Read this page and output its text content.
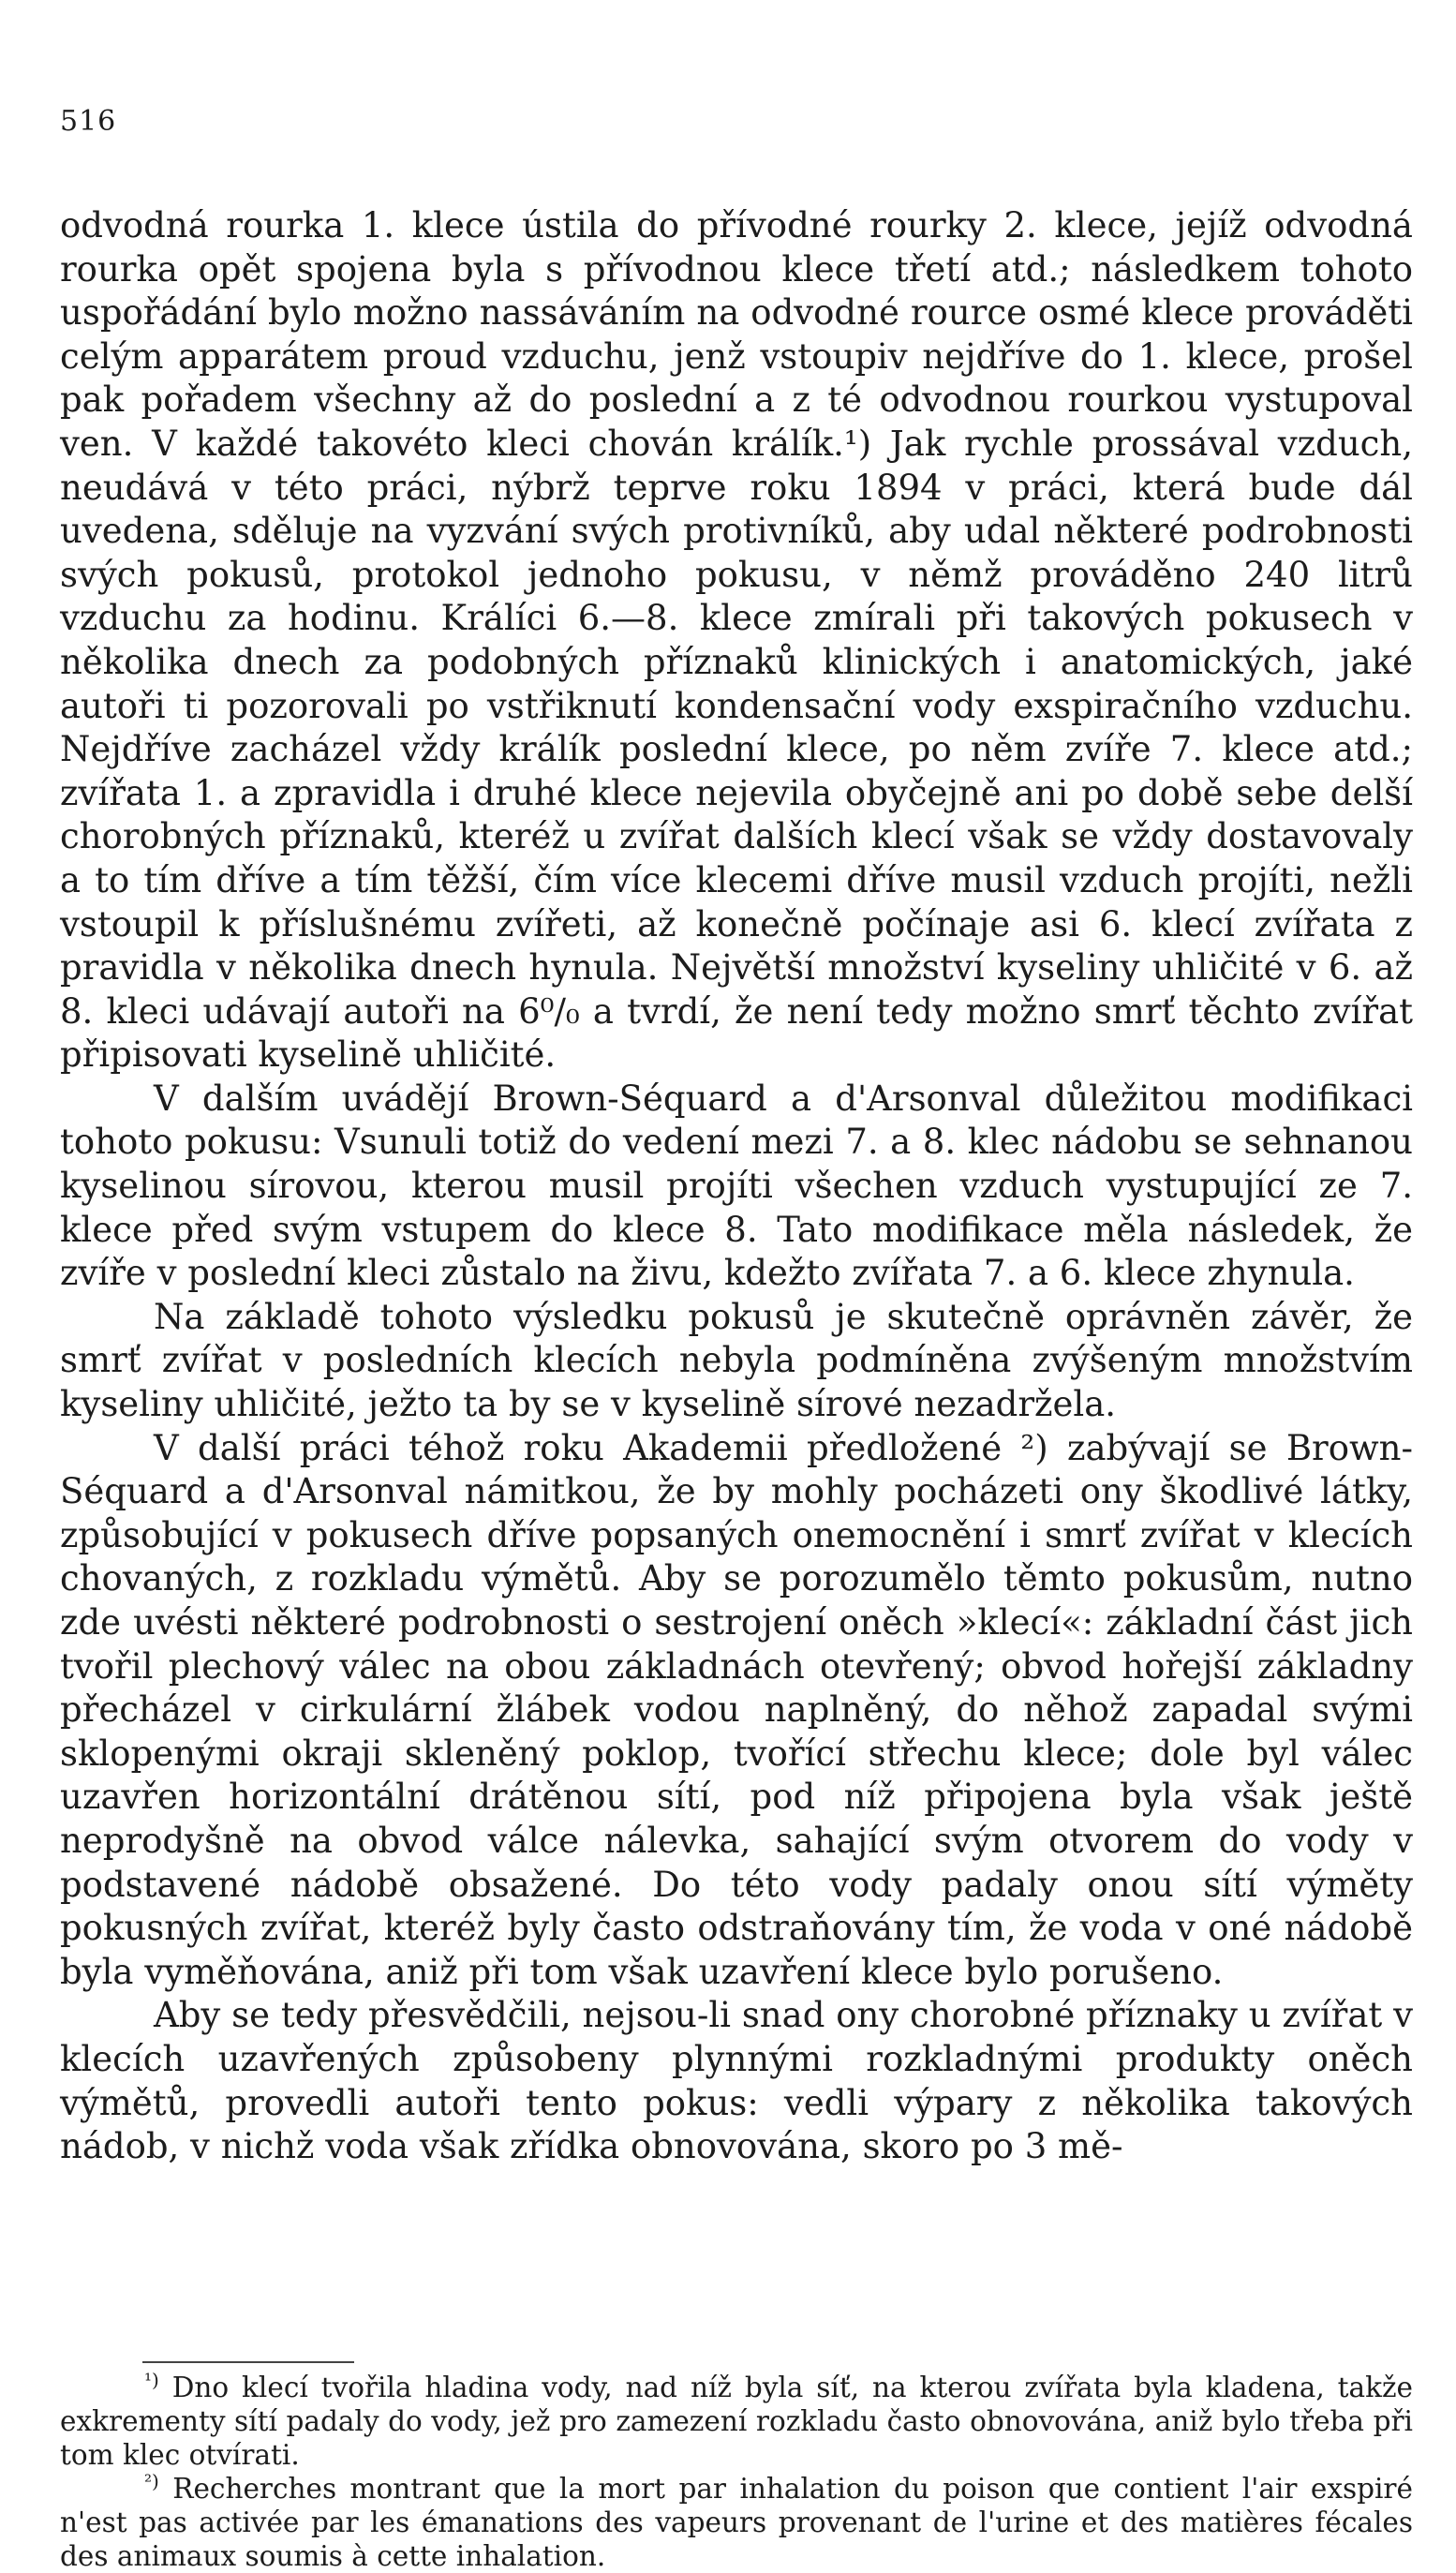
516

odvodná rourka 1. klece ústila do přívodné rourky 2. klece, jejíž odvodná rourka opět spojena byla s přívodnou klece třetí atd.; následkem tohoto uspořádání bylo možno nassáváním na odvodné rource osmé klece prováděti celým apparátem proud vzduchu, jenž vstoupiv nejdříve do 1. klece, prošel pak pořadem všechny až do poslední a z té odvodnou rourkou vystupoval ven. V každé takovéto kleci chován králík.¹) Jak rychle prossával vzduch, neudává v této práci, nýbrž teprve roku 1894 v práci, která bude dál uvedena, sděluje na vyzvání svých protivníků, aby udal některé podrobnosti svých pokusů, protokol jednoho pokusu, v němž prováděno 240 litrů vzduchu za hodinu. Králíci 6.—8. klece zmírali při takových pokusech v několika dnech za podobných příznaků klinických i anatomických, jaké autoři ti pozorovali po vstřiknutí kondensační vody exspiračního vzduchu. Nejdříve zacházel vždy králík poslední klece, po něm zvíře 7. klece atd.; zvířata 1. a zpravidla i druhé klece nejevila obyčejně ani po době sebe delší chorobných příznaků, kteréž u zvířat dalších klecí však se vždy dostavovaly a to tím dříve a tím těžší, čím více klecemi dříve musil vzduch projíti, nežli vstoupil k příslušnému zvířeti, až konečně počínaje asi 6. klecí zvířata z pravidla v několika dnech hynula. Největší množství kyseliny uhličité v 6. až 8. kleci udávají autoři na 6⁰/₀ a tvrdí, že není tedy možno smrť těchto zvířat připisovati kyselině uhličité.

V dalším uvádějí Brown-Séquard a d'Arsonval důležitou modifikaci tohoto pokusu: Vsunuli totiž do vedení mezi 7. a 8. klec nádobu se sehnanou kyselinou sírovou, kterou musil projíti všechen vzduch vystupující ze 7. klece před svým vstupem do klece 8. Tato modifikace měla následek, že zvíře v poslední kleci zůstalo na živu, kdežto zvířata 7. a 6. klece zhynula.

Na základě tohoto výsledku pokusů je skutečně oprávněn závěr, že smrť zvířat v posledních klecích nebyla podmíněna zvýšeným množstvím kyseliny uhličité, ježto ta by se v kyselině sírové nezadržela.

V další práci téhož roku Akademii předložené ²) zabývají se Brown-Séquard a d'Arsonval námitkou, že by mohly pocházeti ony škodlivé látky, způsobující v pokusech dříve popsaných onemocnění i smrť zvířat v klecích chovaných, z rozkladu výmětů. Aby se porozumělo těmto pokusům, nutno zde uvésti některé podrobnosti o sestrojení oněch »klecí«: základní část jich tvořil plechový válec na obou základnách otevřený; obvod hořejší základny přecházel v cirkulární žlábek vodou naplněný, do něhož zapadal svými sklopenými okraji skleněný poklop, tvořící střechu klece; dole byl válec uzavřen horizontální drátěnou sítí, pod níž připojena byla však ještě neprodyšně na obvod válce nálevka, sahající svým otvorem do vody v podstavené nádobě obsažené. Do této vody padaly onou sítí výměty pokusných zvířat, kteréž byly často odstraňovány tím, že voda v oné nádobě byla vyměňována, aniž při tom však uzavření klece bylo porušeno.

Aby se tedy přesvědčili, nejsou-li snad ony chorobné příznaky u zvířat v klecích uzavřených způsobeny plynnými rozkladnými produkty oněch výmětů, provedli autoři tento pokus: vedli výpary z několika takových nádob, v nichž voda však zřídka obnovována, skoro po 3 mě-

$^{^1)}$ Dno klecí tvořila hladina vody, nad níž byla síť, na kterou zvířata byla kladena, takže exkrementy sítí padaly do vody, jež pro zamezení rozkladu často obnovována, aniž bylo třeba při tom klec otvírati.

$^{^2)}$ Recherches montrant que la mort par inhalation du poison que contient l'air exspiré n'est pas activée par les émanations des vapeurs provenant de l'urine et des matières fécales des animaux soumis à cette inhalation.
